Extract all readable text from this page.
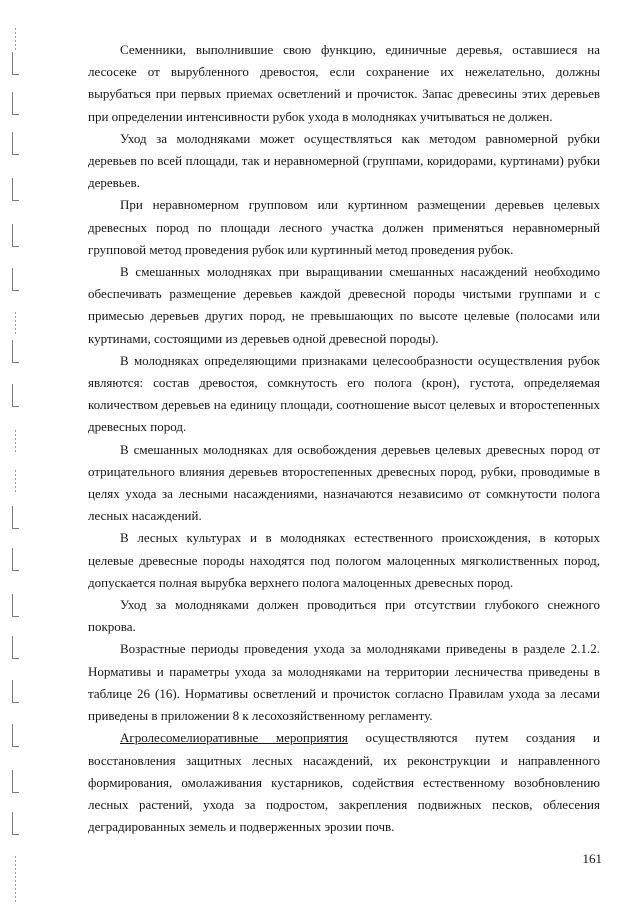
Семенники, выполнившие свою функцию, единичные деревья, оставшиеся на лесосеке от вырубленного древостоя, если сохранение их нежелательно, должны вырубаться при первых приемах осветлений и прочисток. Запас древесины этих деревьев при определении интенсивности рубок ухода в молодняках учитываться не должен.

Уход за молодняками может осуществляться как методом равномерной рубки деревьев по всей площади, так и неравномерной (группами, коридорами, куртинами) рубки деревьев.

При неравномерном групповом или куртинном размещении деревьев целевых древесных пород по площади лесного участка должен применяться неравномерный групповой метод проведения рубок или куртинный метод проведения рубок.

В смешанных молодняках при выращивании смешанных насаждений необходимо обеспечивать размещение деревьев каждой древесной породы чистыми группами и с примесью деревьев других пород, не превышающих по высоте целевые (полосами или куртинами, состоящими из деревьев одной древесной породы).

В молодняках определяющими признаками целесообразности осуществления рубок являются: состав древостоя, сомкнутость его полога (крон), густота, определяемая количеством деревьев на единицу площади, соотношение высот целевых и второстепенных древесных пород.

В смешанных молодняках для освобождения деревьев целевых древесных пород от отрицательного влияния деревьев второстепенных древесных пород, рубки, проводимые в целях ухода за лесными насаждениями, назначаются независимо от сомкнутости полога лесных насаждений.

В лесных культурах и в молодняках естественного происхождения, в которых целевые древесные породы находятся под пологом малоценных мягколиственных пород, допускается полная вырубка верхнего полога малоценных древесных пород.

Уход за молодняками должен проводиться при отсутствии глубокого снежного покрова.

Возрастные периоды проведения ухода за молодняками приведены в разделе 2.1.2. Нормативы и параметры ухода за молодняками на территории лесничества приведены в таблице 26 (16). Нормативы осветлений и прочисток согласно Правилам ухода за лесами приведены в приложении 8 к лесохозяйственному регламенту.

Агролесомелиоративные мероприятия осуществляются путем создания и восстановления защитных лесных насаждений, их реконструкции и направленного формирования, омолаживания кустарников, содействия естественному возобновлению лесных растений, ухода за подростом, закрепления подвижных песков, облесения деградированных земель и подверженных эрозии почв.

161
